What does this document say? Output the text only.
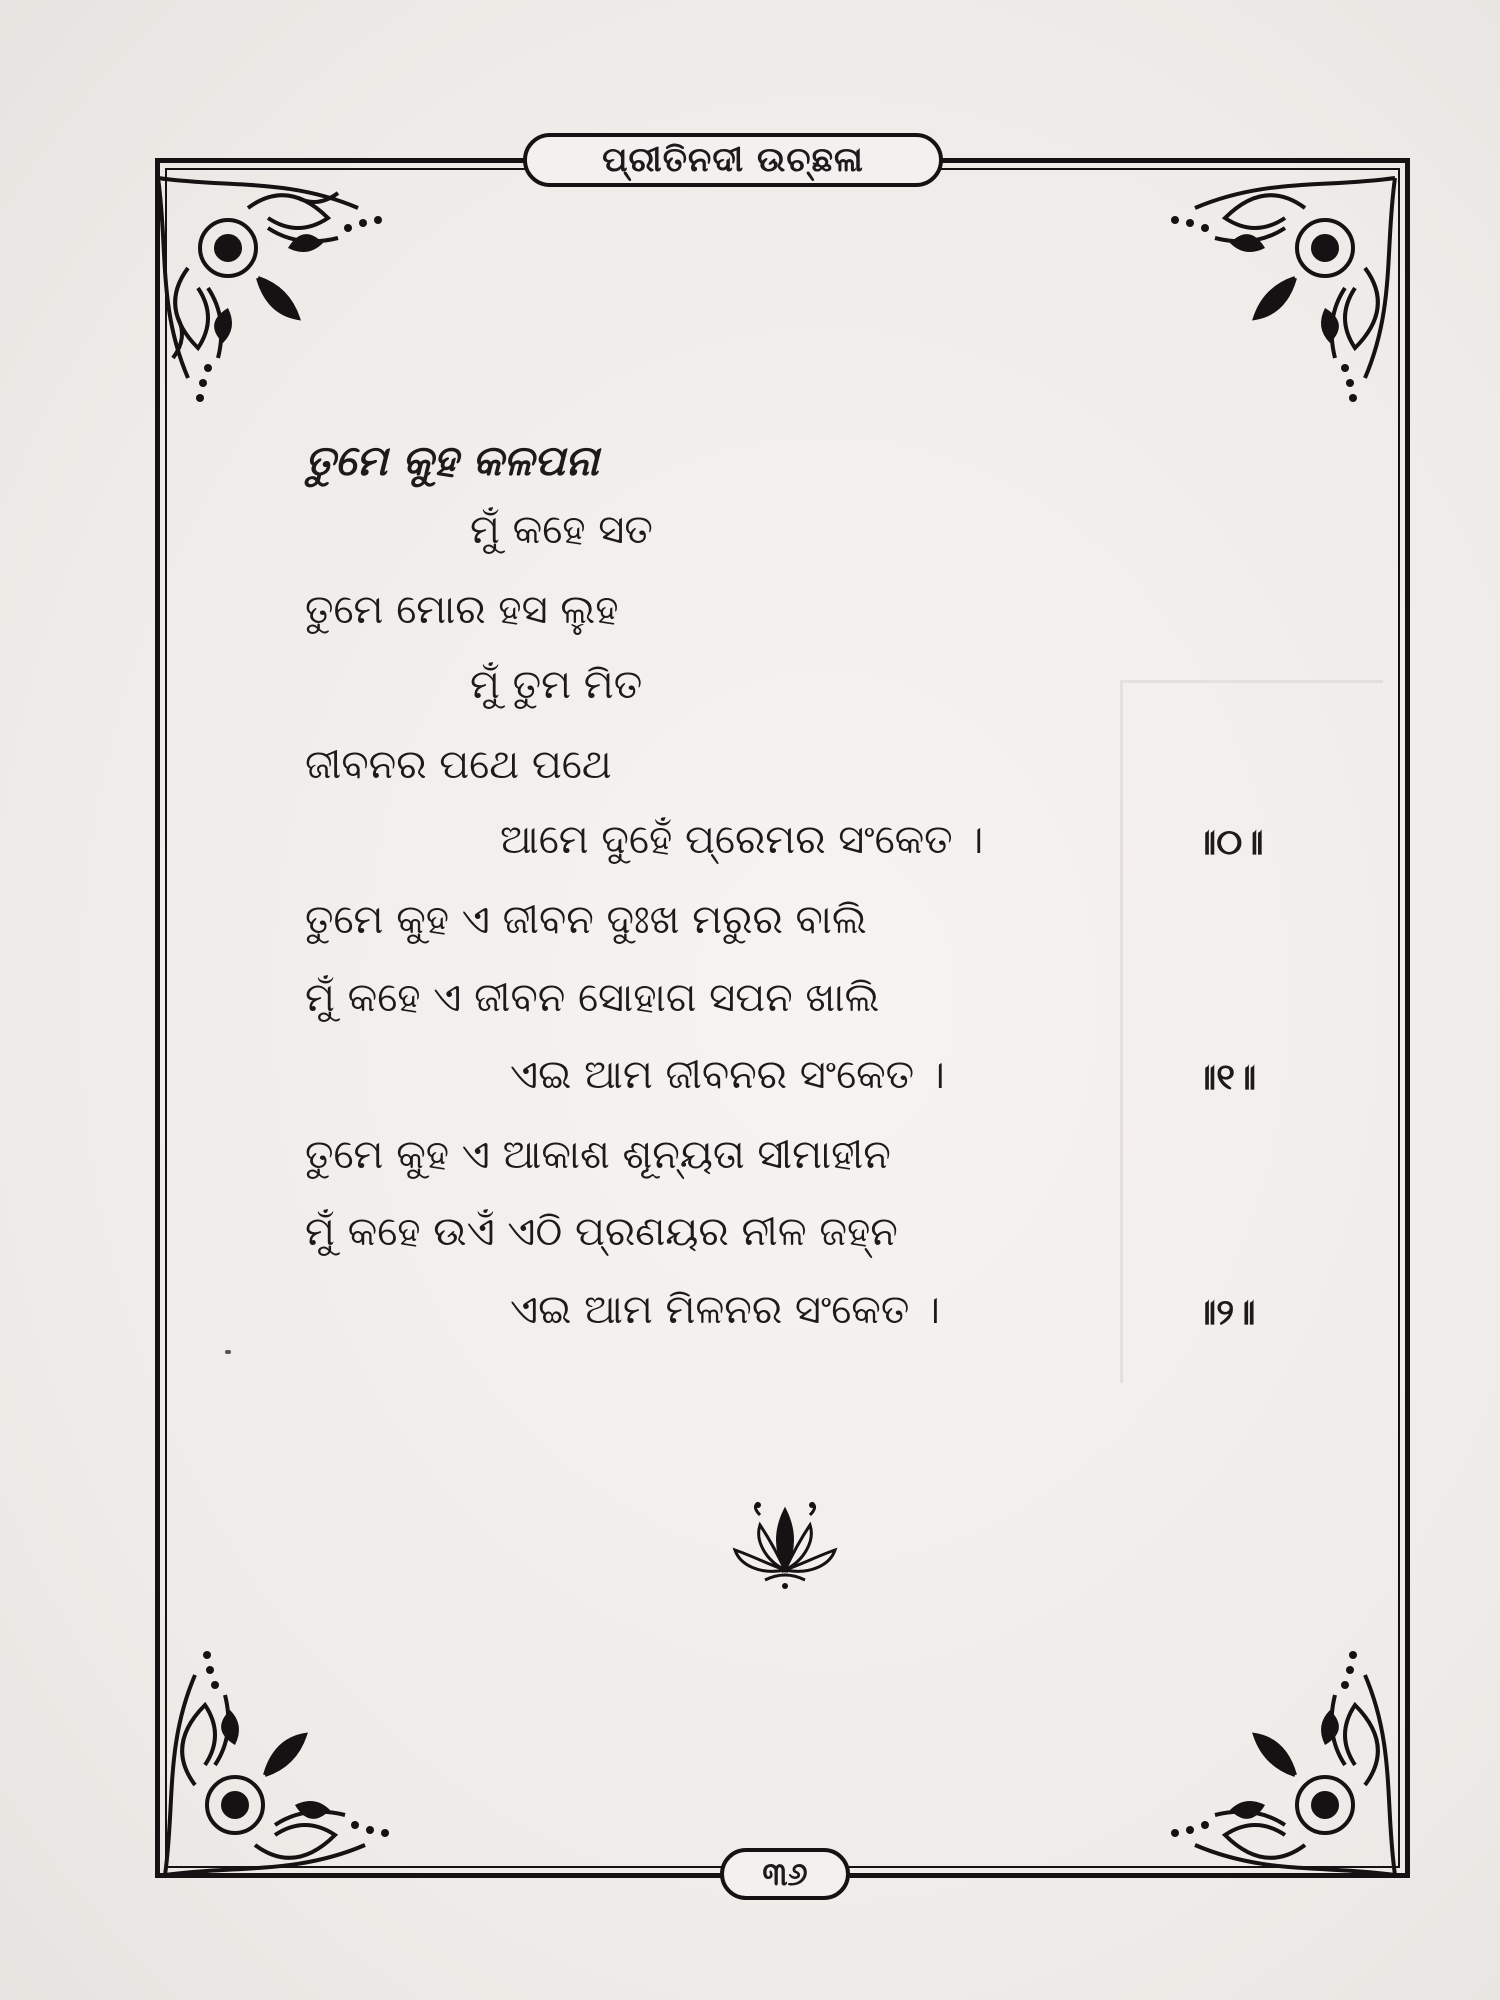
ପ୍ରୀତିନଦୀ ଉଚ୍ଛଳା
ତୁମେ କୁହ କଳପନା
ମୁଁ କହେ ସତ
ତୁମେ ମୋର ହସ ଲୁହ
ମୁଁ ତୁମ ମିତ
ଜୀବନର ପଥେ ପଥେ
ଆମେ ଦୁହେଁ ପ୍ରେମର ସଂକେତ ।	॥୦॥
ତୁମେ କୁହ ଏ ଜୀବନ ଦୁଃଖ ମରୁର ବାଲି
ମୁଁ କହେ ଏ ଜୀବନ ସୋହାଗ ସପନ ଖାଲି
ଏଇ ଆମ ଜୀବନର ସଂକେତ ।	॥୧॥
ତୁମେ କୁହ ଏ ଆକାଶ ଶୂନ୍ୟତା ସୀମାହୀନ
ମୁଁ କହେ ଉଏଁ ଏଠି ପ୍ରଣୟର ନୀଳ ଜହ୍ନ
ଏଇ ଆମ ମିଳନର ସଂକେତ ।	॥୨॥
୩୬
